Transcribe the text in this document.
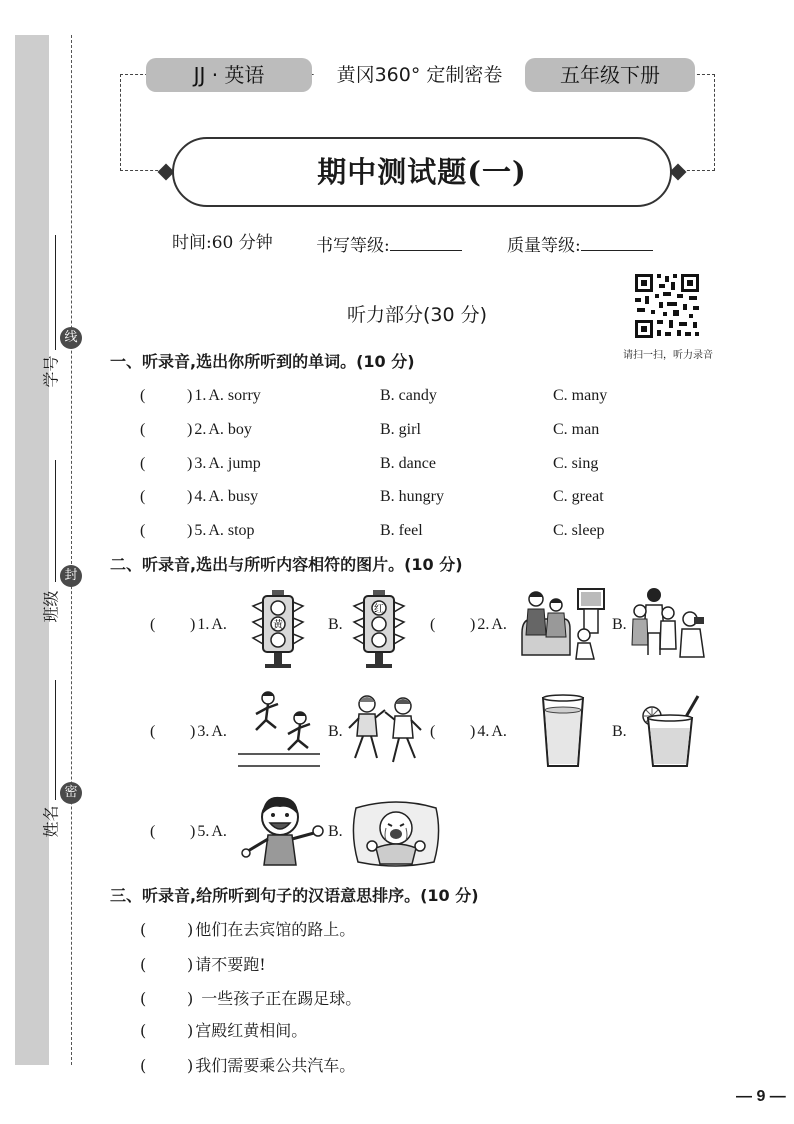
学号
班级
姓名
线
封
密
JJ · 英语	黄冈360° 定制密卷	五年级下册
期中测试题(一)
时间:60 分钟	书写等级:	质量等级:
请扫一扫，听力录音
听力部分(30 分)
一、听录音,选出你所听到的单词。(10 分)
(	) 1. A. sorry	B. candy	C. many
(	) 2. A. boy	B. girl	C. man
(	) 3. A. jump	B. dance	C. sing
(	) 4. A. busy	B. hungry	C. great
(	) 5. A. stop	B. feel	C. sleep
二、听录音,选出与所听内容相符的图片。(10 分)
( ) 1. A.	黄	B.
红
( ) 2. A.	B.
( ) 3. A.	B.	( ) 4. A.	B.
( ) 5. A.	B.
三、听录音,给所听到句子的汉语意思排序。(10 分)
(	) 他们在去宾馆的路上。
(	) 请不要跑!
(	) 一些孩子正在踢足球。
(	) 宫殿红黄相间。
(	) 我们需要乘公共汽车。
— 9 —
